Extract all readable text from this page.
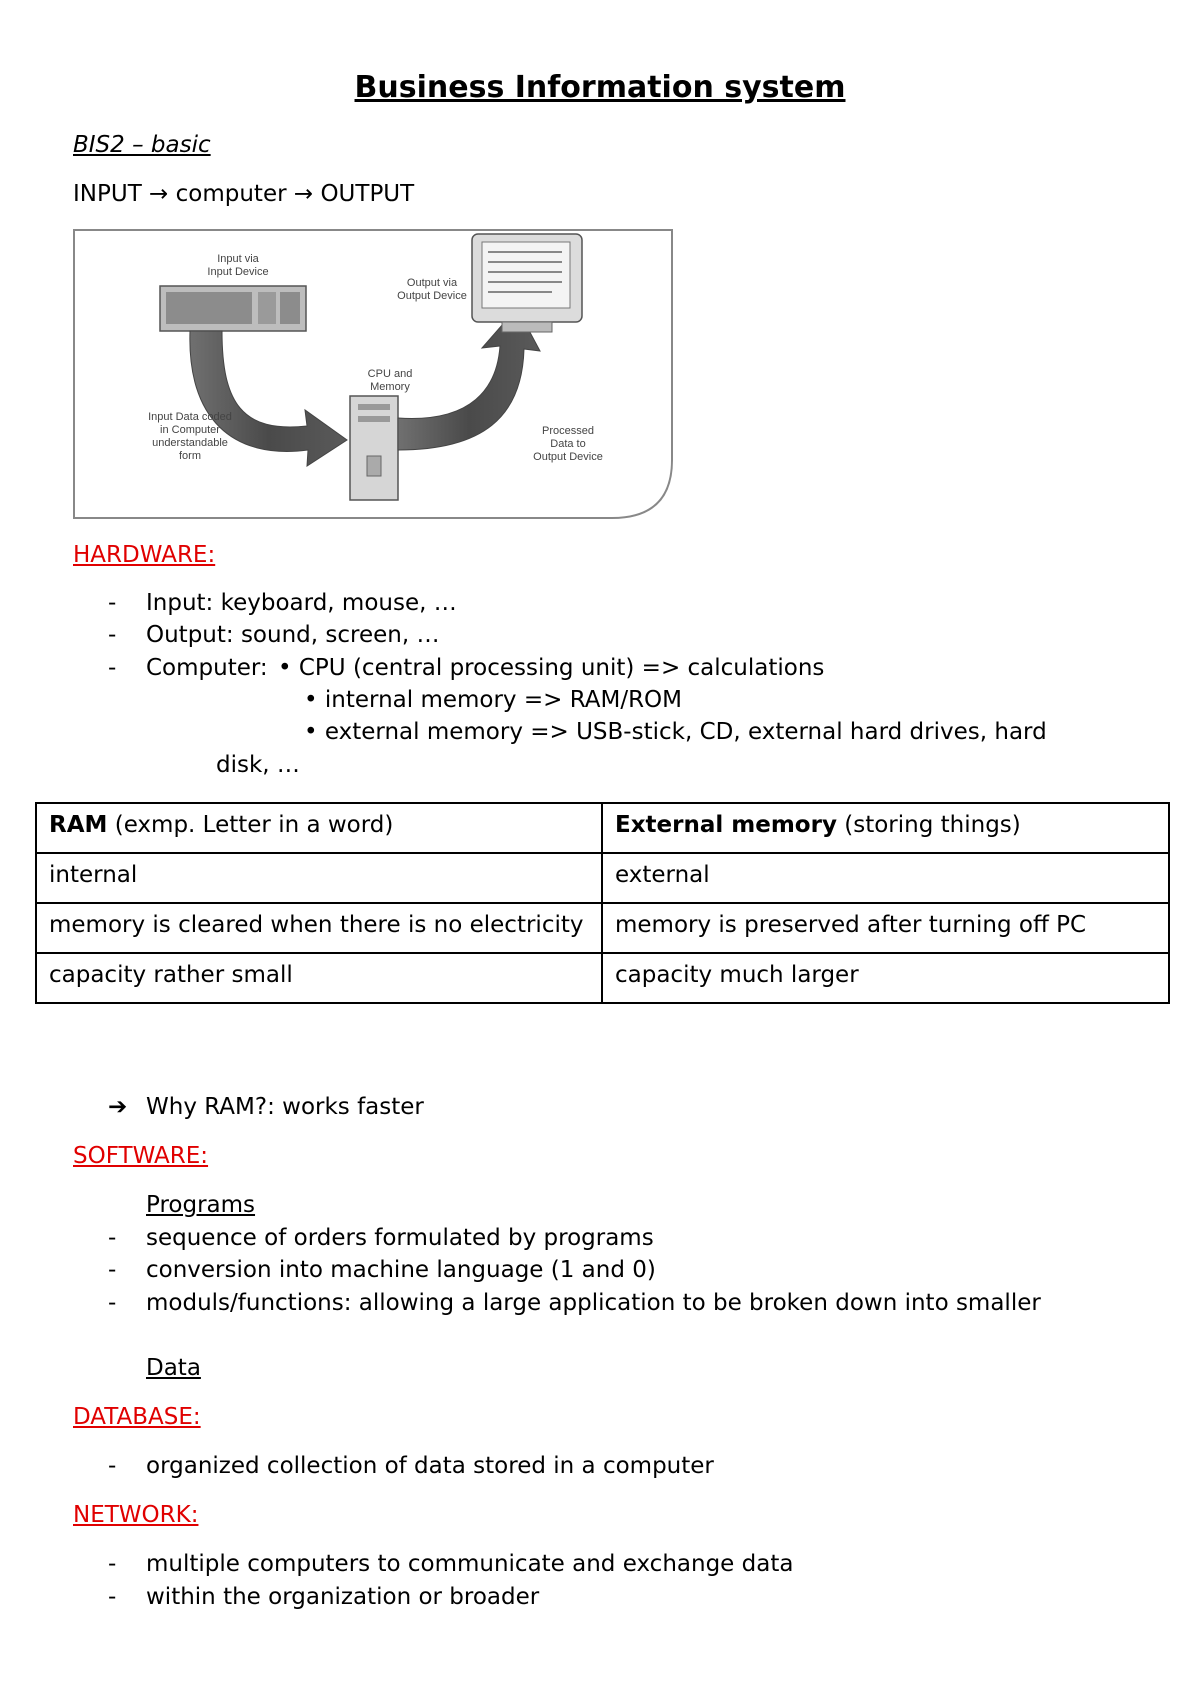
Business Information system
BIS2 – basic
INPUT → computer → OUTPUT
Input via
Input Device
Output via
Output Device
CPU and
Memory
Input Data coded
in Computer
understandable
form
Processed
Data to
Output Device
HARDWARE:
- Input: keyboard, mouse, …
- Output: sound, screen, …
- Computer: • CPU (central processing unit) => calculations
• internal memory => RAM/ROM
• external memory => USB-stick, CD, external hard drives, hard
disk, …
RAM (exmp. Letter in a word)	External memory (storing things)
internal	external
memory is cleared when there is no electricity	memory is preserved after turning off PC
capacity rather small	capacity much larger
➔ Why RAM?: works faster
SOFTWARE:
Programs
- sequence of orders formulated by programs
- conversion into machine language (1 and 0)
- moduls/functions: allowing a large application to be broken down into smaller
Data
DATABASE:
- organized collection of data stored in a computer
NETWORK:
- multiple computers to communicate and exchange data
- within the organization or broader
